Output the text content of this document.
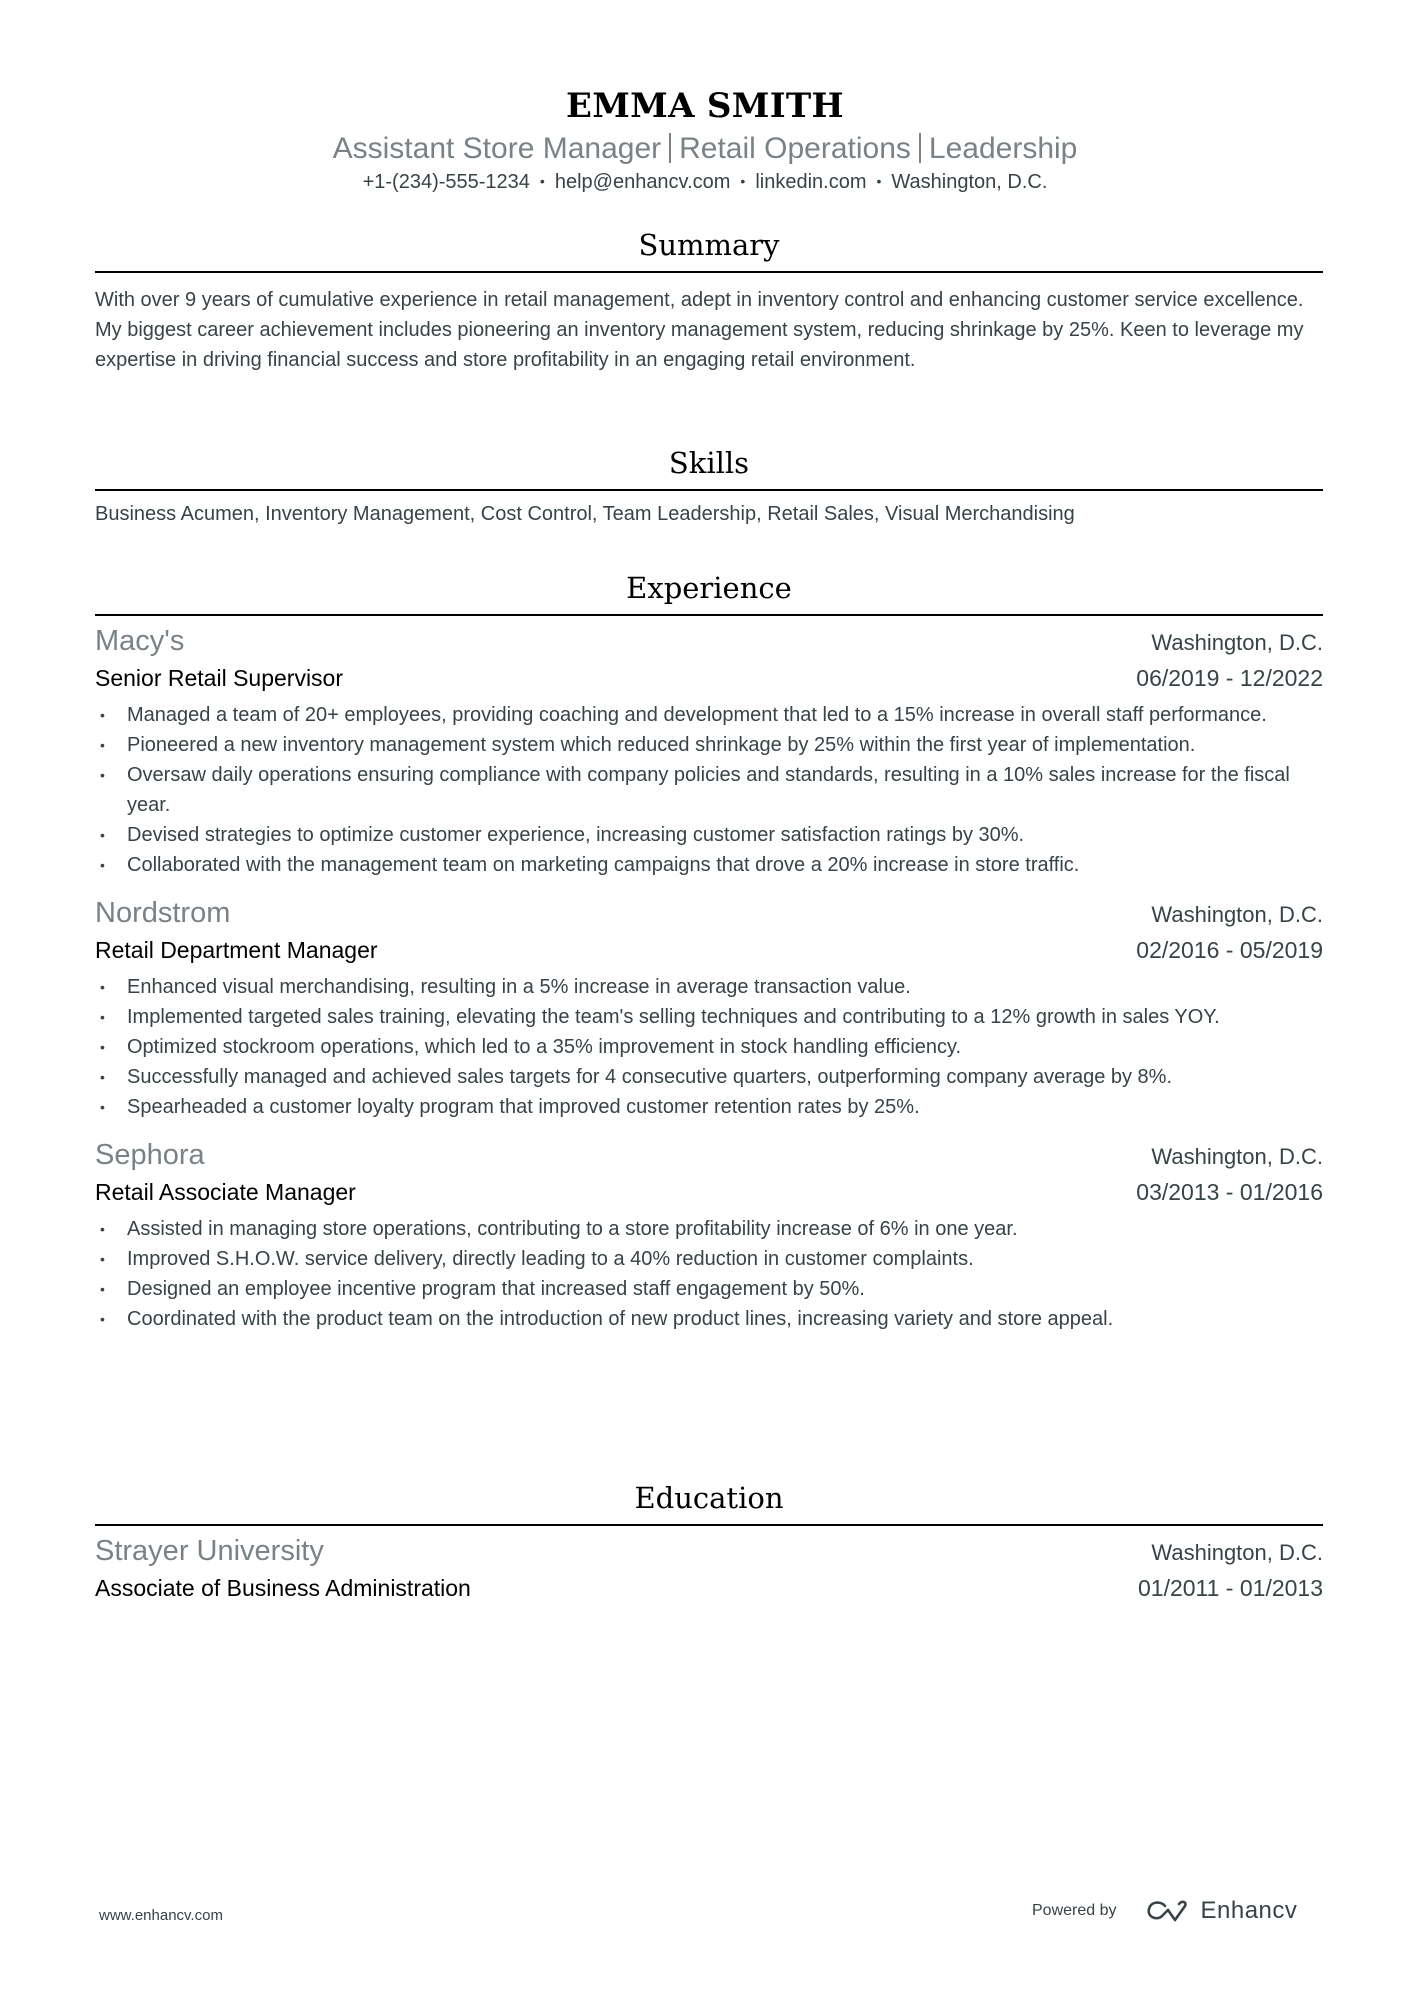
EMMA SMITH
Assistant Store Manager Retail Operations Leadership
+1-(234)-555-1234 • help@enhancv.com • linkedin.com • Washington, D.C.
Summary
With over 9 years of cumulative experience in retail management, adept in inventory control and enhancing customer service excellence. My biggest career achievement includes pioneering an inventory management system, reducing shrinkage by 25%. Keen to leverage my expertise in driving financial success and store profitability in an engaging retail environment.
Skills
Business Acumen, Inventory Management, Cost Control, Team Leadership, Retail Sales, Visual Merchandising
Experience
Macy's	Washington, D.C.
Senior Retail Supervisor	06/2019 - 12/2022
• Managed a team of 20+ employees, providing coaching and development that led to a 15% increase in overall staff performance.
• Pioneered a new inventory management system which reduced shrinkage by 25% within the first year of implementation.
• Oversaw daily operations ensuring compliance with company policies and standards, resulting in a 10% sales increase for the fiscal year.
• Devised strategies to optimize customer experience, increasing customer satisfaction ratings by 30%.
• Collaborated with the management team on marketing campaigns that drove a 20% increase in store traffic.
Nordstrom	Washington, D.C.
Retail Department Manager	02/2016 - 05/2019
• Enhanced visual merchandising, resulting in a 5% increase in average transaction value.
• Implemented targeted sales training, elevating the team's selling techniques and contributing to a 12% growth in sales YOY.
• Optimized stockroom operations, which led to a 35% improvement in stock handling efficiency.
• Successfully managed and achieved sales targets for 4 consecutive quarters, outperforming company average by 8%.
• Spearheaded a customer loyalty program that improved customer retention rates by 25%.
Sephora	Washington, D.C.
Retail Associate Manager	03/2013 - 01/2016
• Assisted in managing store operations, contributing to a store profitability increase of 6% in one year.
• Improved S.H.O.W. service delivery, directly leading to a 40% reduction in customer complaints.
• Designed an employee incentive program that increased staff engagement by 50%.
• Coordinated with the product team on the introduction of new product lines, increasing variety and store appeal.
Education
Strayer University	Washington, D.C.
Associate of Business Administration	01/2011 - 01/2013
www.enhancv.com	Powered by	Enhancv
